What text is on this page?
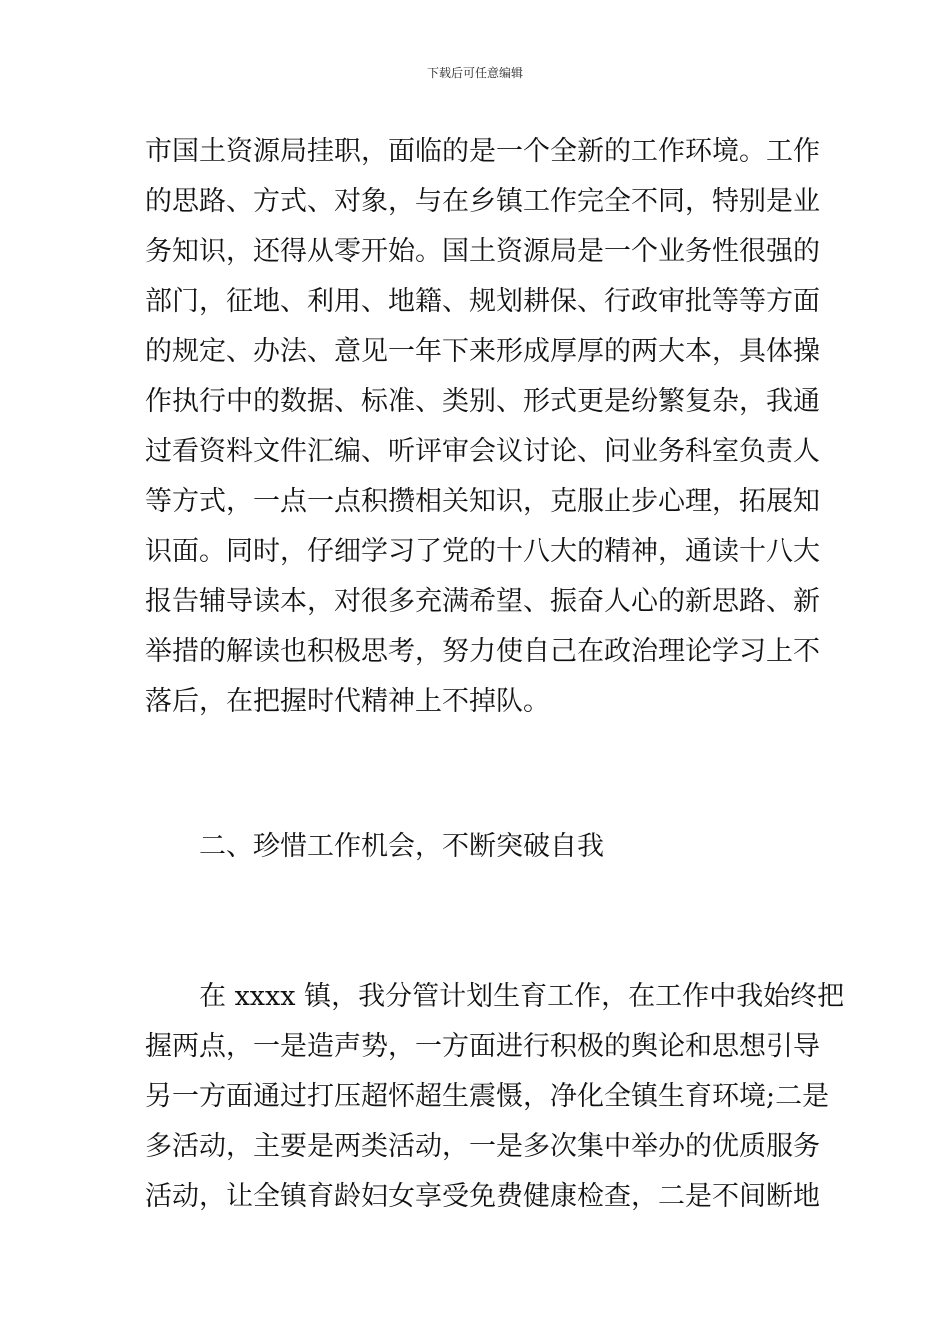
下载后可任意编辑
市国土资源局挂职，面临的是一个全新的工作环境。工作
的思路、方式、对象，与在乡镇工作完全不同，特别是业
务知识，还得从零开始。国土资源局是一个业务性很强的
部门，征地、利用、地籍、规划耕保、行政审批等等方面
的规定、办法、意见一年下来形成厚厚的两大本，具体操
作执行中的数据、标准、类别、形式更是纷繁复杂，我通
过看资料文件汇编、听评审会议讨论、问业务科室负责人
等方式，一点一点积攒相关知识，克服止步心理，拓展知
识面。同时，仔细学习了党的十八大的精神，通读十八大
报告辅导读本，对很多充满希望、振奋人心的新思路、新
举措的解读也积极思考，努力使自己在政治理论学习上不
落后，在把握时代精神上不掉队。
　　二、珍惜工作机会，不断突破自我
　　在 xxxx 镇，我分管计划生育工作，在工作中我始终把
握两点，一是造声势，一方面进行积极的舆论和思想引导
另一方面通过打压超怀超生震慑，净化全镇生育环境;二是
多活动，主要是两类活动，一是多次集中举办的优质服务
活动，让全镇育龄妇女享受免费健康检查，二是不间断地
